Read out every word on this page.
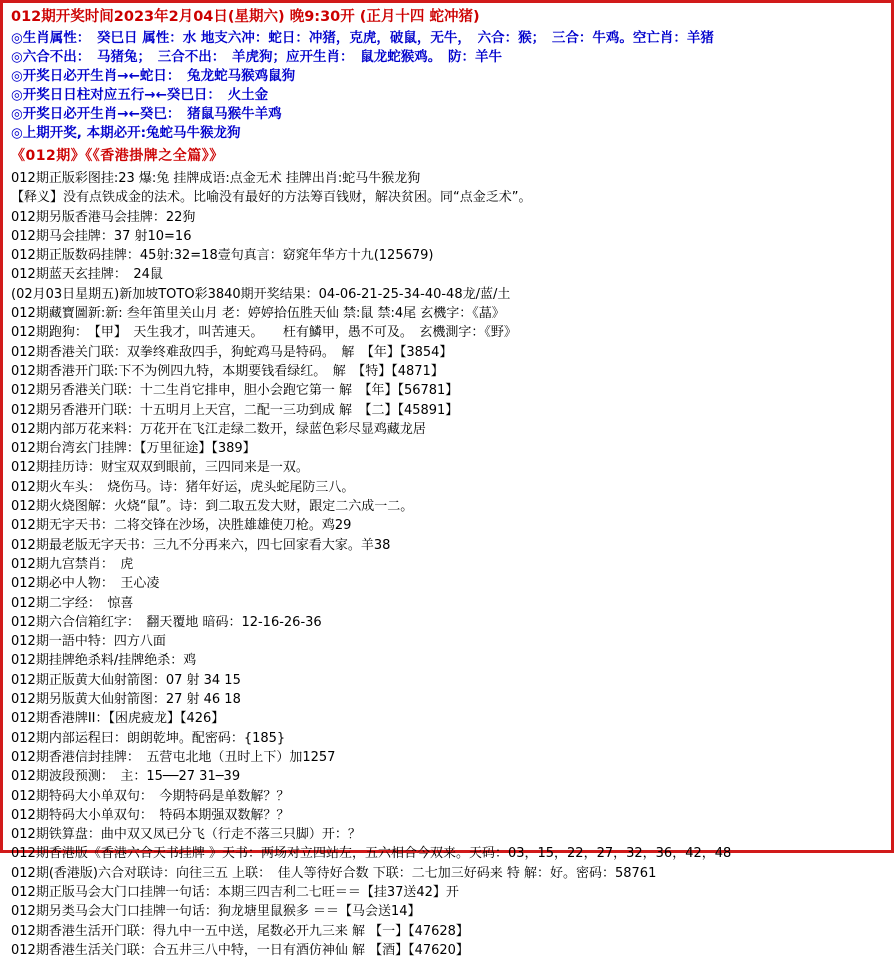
012期开奖时间2023年2月04日(星期六) 晚9:30开 (正月十四 蛇冲猪)
◎生肖属性：　癸巳日 属性：水 地支六冲：蛇日：冲猪，克虎，破鼠，无牛，　六合：猴；　三合：牛鸡。空亡肖：羊猪
◎六合不出：　马猪兔；　三合不出：　羊虎狗；应开生肖：　鼠龙蛇猴鸡。　防：羊牛
◎开奖日必开生肖→←蛇日：　兔龙蛇马猴鸡鼠狗
◎开奖日日柱对应五行→←癸巳日：　火土金
◎开奖日必开生肖→←癸巳：　猪鼠马猴牛羊鸡
◎上期开奖, 本期必开:兔蛇马牛猴龙狗
《012期》《《香港掛牌之全篇》》
012期正版彩图挂:23 爆:兔 挂牌成语:点金无术 挂牌出肖:蛇马牛猴龙狗
【释义】没有点铁成金的法术。比喻没有最好的方法筹百钱财，解决贫困。同“点金乏术”。
012期另版香港马会挂牌：22狗
012期马会挂牌：37 射10=16
012期正版数码挂牌：45射:32=18壹句真言：窈窕年华方十九(125679)
012期蓝天玄挂牌：　24鼠
(02月03日星期五)新加坡TOTO彩3840期开奖结果：04-06-21-25-34-40-48龙/蓝/土
012期藏寶圖新:新: 叁年笛里关山月 老：婷婷拾伍胜天仙 禁:鼠 禁:4尾 玄機字：《蕌》
012期跑狗：　【甲】　天生我才，叫苦連天。　　枉有鱗甲，愚不可及。　玄機測字：《野》
012期香港关门联：双拳终难敌四手，狗蛇鸡马是特码。　解　【年】【3854】
012期香港开门联:下不为例四九特，本期要钱看绿红。　解　【特】【4871】
012期另香港关门联：十二生肖它排申，胆小会跑它第一 解　【年】【56781】
012期另香港开门联：十五明月上天宫，二配一三功到成 解　【二】【45891】
012期内部万花来料：万花开在飞江走绿二数开，绿蓝色彩尽显鸡藏龙居
012期台湾玄门挂牌：【万里征途】【389】
012期挂历诗：财宝双双到眼前，三四同来是一双。
012期火车头：　烧伤马。诗：猪年好运，虎头蛇尾防三八。
012期火烧图解：火烧“鼠”。诗：到二取五发大财，跟定二六成一二。
012期无字天书：二将交锋在沙场，决胜雄雄使刀枪。鸡29
012期最老版无字天书：三九不分再来六，四七回家看大家。羊38
012期九宫禁肖：　虎
012期必中人物：　王心凌
012期二字经：　惊喜
012期六合信箱红字：　翻天覆地 暗码：12-16-26-36
012期一語中特：四方八面
012期挂牌绝杀料/挂牌绝杀：鸡
012期正版黄大仙射箭图：07 射 34 15
012期另版黄大仙射箭图：27 射 46 18
012期香港牌II：【困虎疲龙】【426】
012期内部运程曰：朗朗乾坤。配密码：{185}
012期香港信封挂牌：　五营屯北地（丑时上下）加1257
012期波段预测：　主：15──27 31─39
012期特码大小单双句：　今期特码是单数解？？
012期特码大小单双句：　特码本期强双数解？？
012期铁算盘：曲中双又凤已分飞（行走不落三只脚）开：？
012期香港版《香港六合天书挂牌 》天书：两场对立四站左，五六相合今双来。天码：03，15，22，27，32，36，42，48
012期(香港版)六合对联诗：向往三五 上联：　佳人等待好合数 下联：二七加三好码来 特 解：好。密码：58761
012期正版马会大门口挂牌一句话：本期三四吉利二七旺＝＝【挂37送42】开
012期另类马会大门口挂牌一句话：狗龙塘里鼠猴多 ＝＝【马会送14】
012期香港生活开门联：得九中一五中送，尾数必开九三来 解 【一】【47628】
012期香港生活关门联：合五井三八中特，一日有酒仿神仙 解 【酒】【47620】
